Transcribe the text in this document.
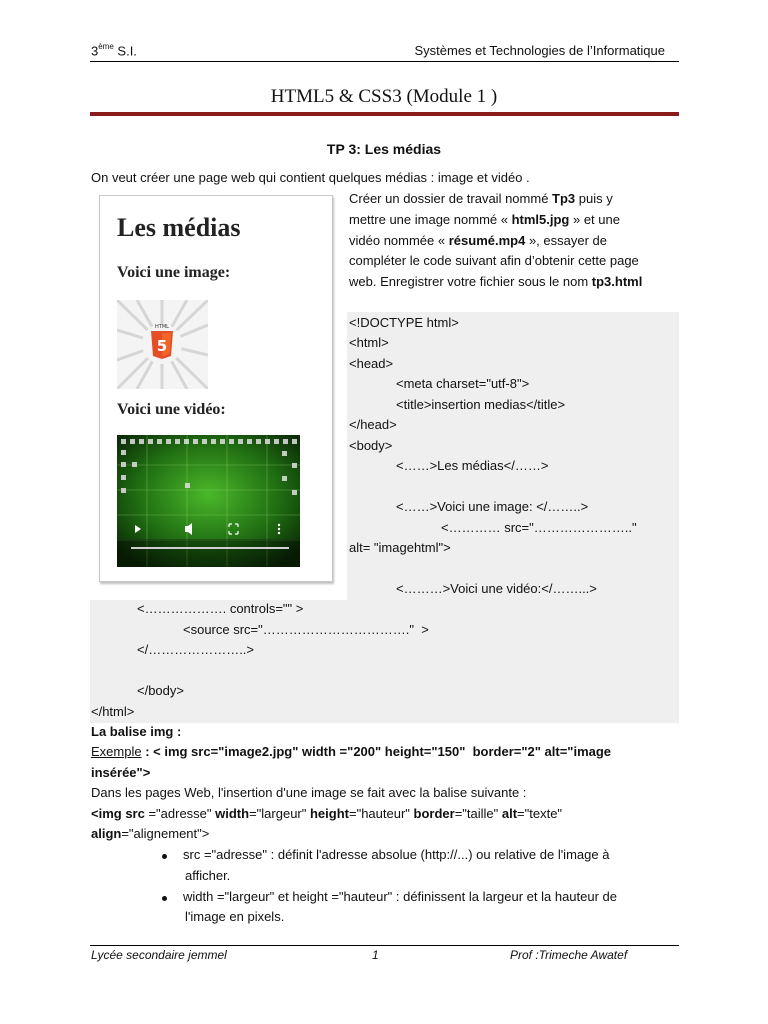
3ème S.I.	Systèmes et Technologies de l’Informatique
HTML5 & CSS3 (Module 1 )
TP 3: Les médias
On veut créer une page web qui contient quelques médias : image et vidéo .
Les médias
Voici une image:
HTML
5
Voici une vidéo:
Créer un dossier de travail nommé Tp3 puis y
mettre une image nommé « html5.jpg » et une
vidéo nommée « résumé.mp4 », essayer de
compléter le code suivant afin d’obtenir cette page
web. Enregistrer votre fichier sous le nom tp3.html
<!DOCTYPE html>
<html>
<head>
<meta charset="utf-8">
<title>insertion medias</title>
</head>
<body>
<……>Les médias</……>
<……>Voici une image: </……..>
<………… src="………………….."
alt= "imagehtml">
<………>Voici une vidéo:</……...>
<………………. controls="" >
<source src="……………………………."  >
</…………………..>
</body>
</html>
La balise img :
Exemple : < img src="image2.jpg" width ="200" height="150"  border="2" alt="image
insérée">
Dans les pages Web, l'insertion d'une image se fait avec la balise suivante :
<img src ="adresse" width="largeur" height="hauteur" border="taille" alt="texte"
align="alignement">
src ="adresse" : définit l'adresse absolue (http://...) ou relative de l'image à
afficher.
width ="largeur" et height ="hauteur" : définissent la largeur et la hauteur de
l'image en pixels.
Lycée secondaire jemmel	1	Prof :Trimeche Awatef
